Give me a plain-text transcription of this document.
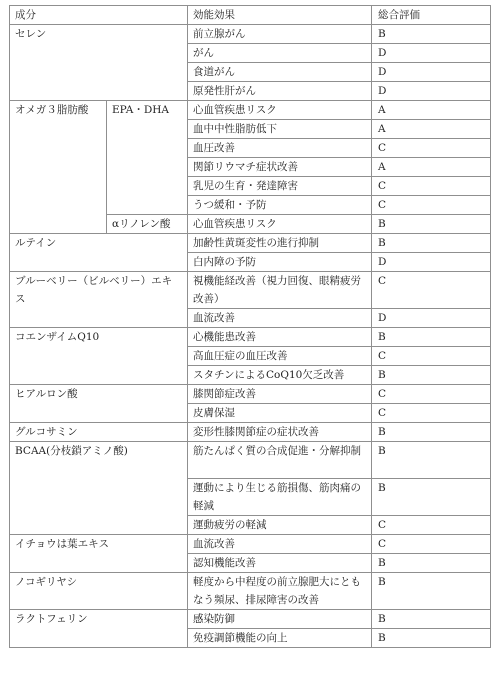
成分		効能効果	総合評価
セレン		前立腺がん	B
		がん	D
		食道がん	D
		原発性肝がん	D
オメガ３脂肪酸	EPA・DHA	心血管疾患リスク	A
		血中中性脂肪低下	A
		血圧改善	C
		関節リウマチ症状改善	A
		乳児の生育・発達障害	C
		うつ緩和・予防	C
	αリノレン酸	心血管疾患リスク	B
ルテイン		加齢性黄斑変性の進行抑制	B
		白内障の予防	D
ブルーベリー（ビルベリー）エキス		視機能経改善（視力回復、眼精疲労改善）	C
		血流改善	D
コエンザイムQ10		心機能患改善	B
		高血圧症の血圧改善	C
		スタチンによるCoQ10欠乏改善	B
ヒアルロン酸		膝関節症改善	C
		皮膚保湿	C
グルコサミン		変形性膝関節症の症状改善	B
BCAA(分枝鎖アミノ酸)		筋たんぱく質の合成促進・分解抑制	B
		運動により生じる筋損傷、筋肉痛の軽減	B
		運動疲労の軽減	C
イチョウは葉エキス		血流改善	C
		認知機能改善	B
ノコギリヤシ		軽度から中程度の前立腺肥大にともなう頻尿、排尿障害の改善	B
ラクトフェリン		感染防御	B
		免疫調節機能の向上	B
